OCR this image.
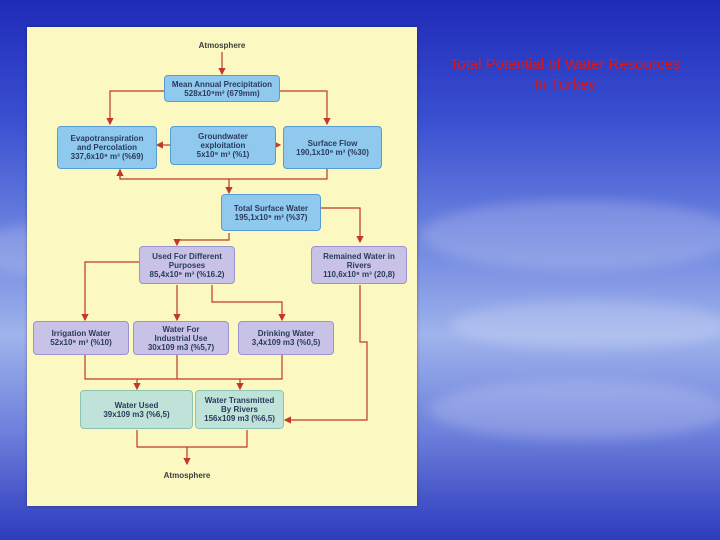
Total Potential of Water Resources
In Turkey
Atmosphere
Mean Annual Precipitation
528x10⁹m³ (679mm)
Evapotranspiration
and Percolation
337,6x10⁹ m³ (%69)
Groundwater
exploitation
5x10⁹ m³ (%1)
Surface Flow
190,1x10⁹ m³ (%30)
Total Surface Water
195,1x10⁹ m³ (%37)
Used For Different
Purposes
85,4x10⁹ m³ (%16.2)
Remained Water in
Rivers
110,6x10⁹ m³ (20,8)
Irrigation Water
52x10⁹ m³ (%10)
Water For
Industrial Use
30x109 m3 (%5,7)
Drinking Water
3,4x109 m3 (%0,5)
Water Used
39x109 m3 (%6,5)
Water Transmitted
By Rivers
156x109 m3 (%6,5)
Atmosphere
